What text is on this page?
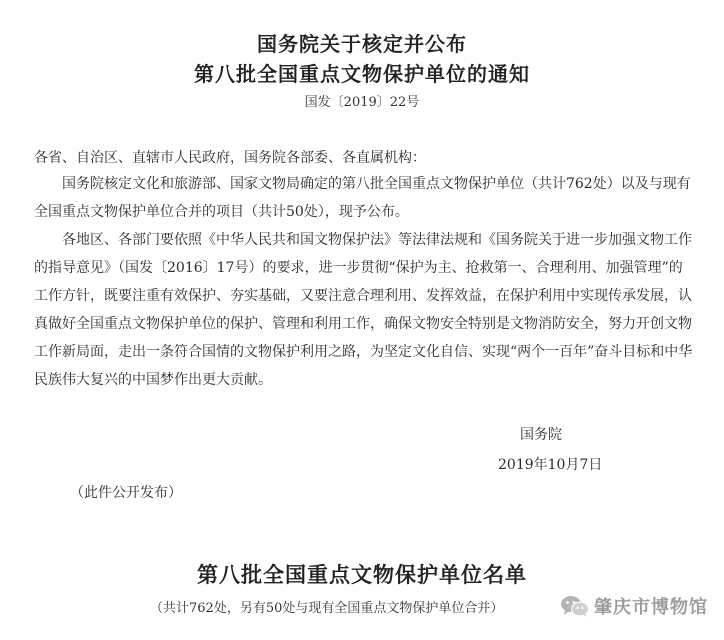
国务院关于核定并公布
第八批全国重点文物保护单位的通知
国发〔2019〕22号

各省、自治区、直辖市人民政府，国务院各部委、各直属机构：

国务院核定文化和旅游部、国家文物局确定的第八批全国重点文物保护单位（共计762处）以及与现有全国重点文物保护单位合并的项目（共计50处），现予公布。

各地区、各部门要依照《中华人民共和国文物保护法》等法律法规和《国务院关于进一步加强文物工作的指导意见》（国发〔2016〕17号）的要求，进一步贯彻“保护为主、抢救第一、合理利用、加强管理”的工作方针，既要注重有效保护、夯实基础，又要注意合理利用、发挥效益，在保护利用中实现传承发展，认真做好全国重点文物保护单位的保护、管理和利用工作，确保文物安全特别是文物消防安全，努力开创文物工作新局面，走出一条符合国情的文物保护利用之路，为坚定文化自信、实现“两个一百年”奋斗目标和中华民族伟大复兴的中国梦作出更大贡献。

国务院
2019年10月7日
（此件公开发布）
第八批全国重点文物保护单位名单
（共计762处，另有50处与现有全国重点文物保护单位合并）	肇庆市博物馆
